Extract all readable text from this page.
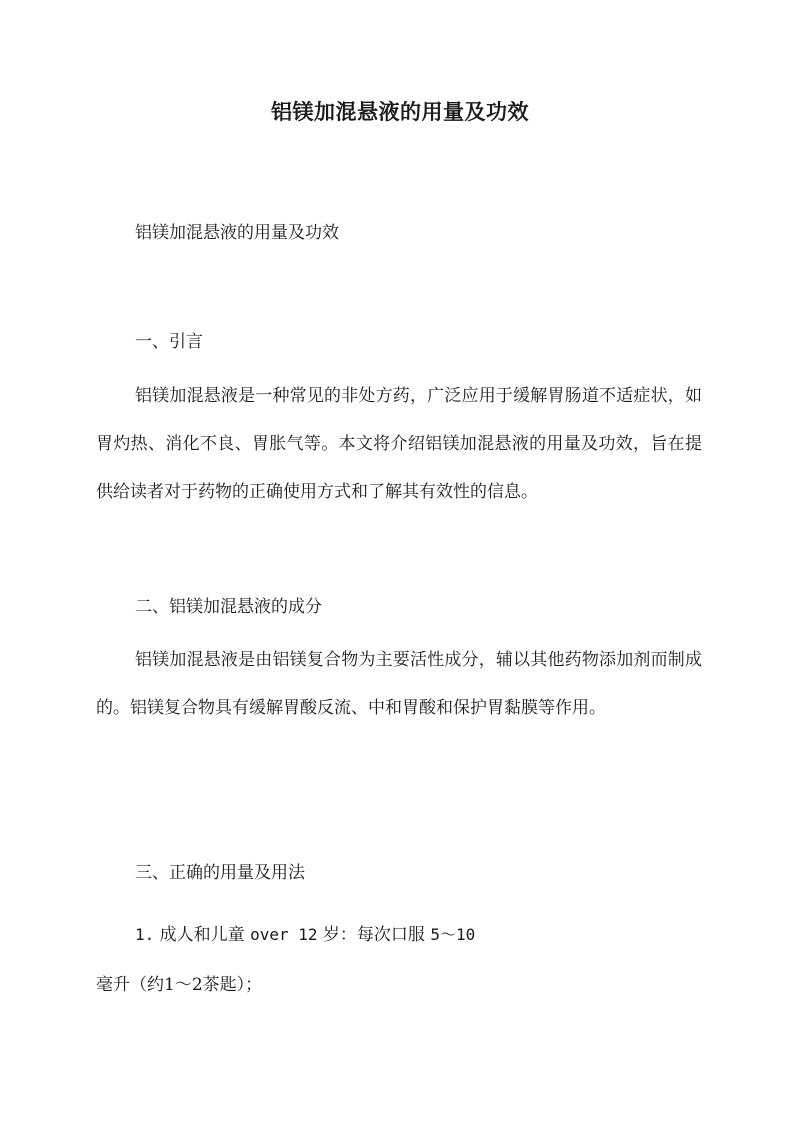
铝镁加混悬液的用量及功效

铝镁加混悬液的用量及功效

一、引言

铝镁加混悬液是一种常见的非处方药，广泛应用于缓解胃肠道不适症状，如胃灼热、消化不良、胃胀气等。本文将介绍铝镁加混悬液的用量及功效，旨在提供给读者对于药物的正确使用方式和了解其有效性的信息。

二、铝镁加混悬液的成分

铝镁加混悬液是由铝镁复合物为主要活性成分，辅以其他药物添加剂而制成的。铝镁复合物具有缓解胃酸反流、中和胃酸和保护胃黏膜等作用。

三、正确的用量及用法

1. 成人和儿童 over 12 岁：每次口服 5～10

毫升（约1～2茶匙）；
